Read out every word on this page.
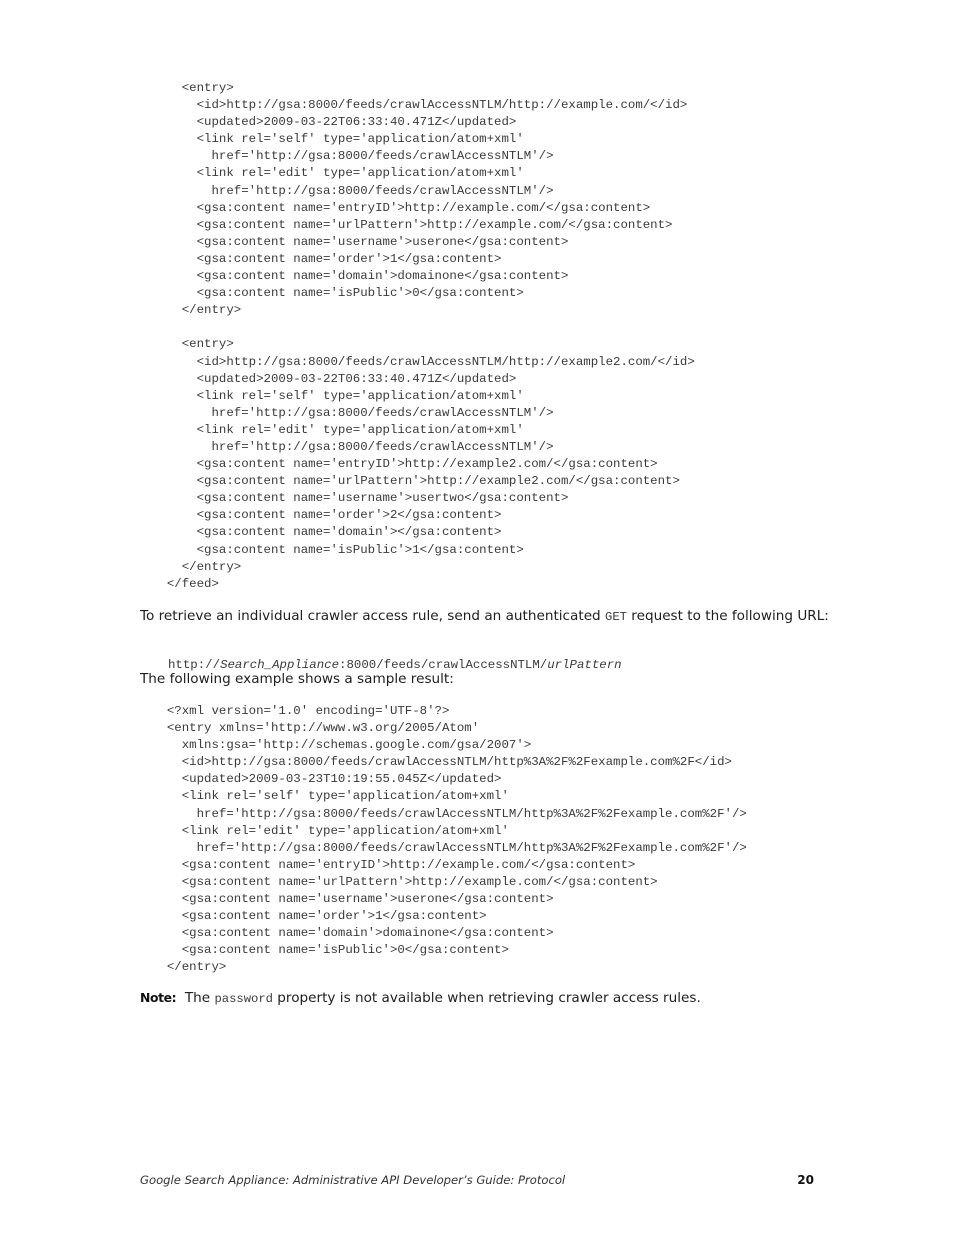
<entry>
<id>http://gsa:8000/feeds/crawlAccessNTLM/http://example.com/</id>
<updated>2009-03-22T06:33:40.471Z</updated>
<link rel='self' type='application/atom+xml'
href='http://gsa:8000/feeds/crawlAccessNTLM'/>
<link rel='edit' type='application/atom+xml'
href='http://gsa:8000/feeds/crawlAccessNTLM'/>
<gsa:content name='entryID'>http://example.com/</gsa:content>
<gsa:content name='urlPattern'>http://example.com/</gsa:content>
<gsa:content name='username'>userone</gsa:content>
<gsa:content name='order'>1</gsa:content>
<gsa:content name='domain'>domainone</gsa:content>
<gsa:content name='isPublic'>0</gsa:content>
</entry>
<entry>
<id>http://gsa:8000/feeds/crawlAccessNTLM/http://example2.com/</id>
<updated>2009-03-22T06:33:40.471Z</updated>
<link rel='self' type='application/atom+xml'
href='http://gsa:8000/feeds/crawlAccessNTLM'/>
<link rel='edit' type='application/atom+xml'
href='http://gsa:8000/feeds/crawlAccessNTLM'/>
<gsa:content name='entryID'>http://example2.com/</gsa:content>
<gsa:content name='urlPattern'>http://example2.com/</gsa:content>
<gsa:content name='username'>usertwo</gsa:content>
<gsa:content name='order'>2</gsa:content>
<gsa:content name='domain'></gsa:content>
<gsa:content name='isPublic'>1</gsa:content>
</entry>
</feed>

To retrieve an individual crawler access rule, send an authenticated GET request to the following URL:

http://Search_Appliance:8000/feeds/crawlAccessNTLM/urlPattern

The following example shows a sample result:

<?xml version='1.0' encoding='UTF-8'?>
<entry xmlns='http://www.w3.org/2005/Atom'
xmlns:gsa='http://schemas.google.com/gsa/2007'>
<id>http://gsa:8000/feeds/crawlAccessNTLM/http%3A%2F%2Fexample.com%2F</id>
<updated>2009-03-23T10:19:55.045Z</updated>
<link rel='self' type='application/atom+xml'
href='http://gsa:8000/feeds/crawlAccessNTLM/http%3A%2F%2Fexample.com%2F'/>
<link rel='edit' type='application/atom+xml'
href='http://gsa:8000/feeds/crawlAccessNTLM/http%3A%2F%2Fexample.com%2F'/>
<gsa:content name='entryID'>http://example.com/</gsa:content>
<gsa:content name='urlPattern'>http://example.com/</gsa:content>
<gsa:content name='username'>userone</gsa:content>
<gsa:content name='order'>1</gsa:content>
<gsa:content name='domain'>domainone</gsa:content>
<gsa:content name='isPublic'>0</gsa:content>
</entry>

Note: The password property is not available when retrieving crawler access rules.

Google Search Appliance: Administrative API Developer’s Guide: Protocol	20
